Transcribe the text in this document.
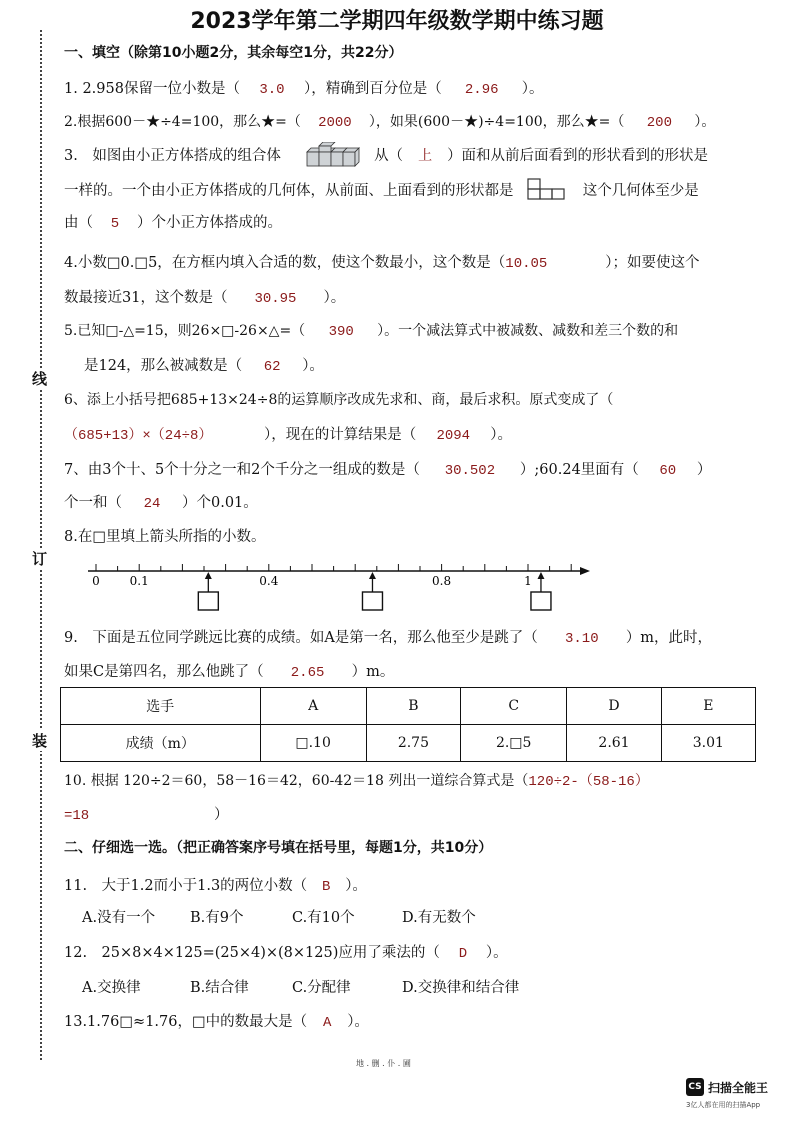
2023学年第二学期四年级数学期中练习题
线
订
装
一、填空（除第10小题2分，其余每空1分，共22分）
1. 2.958保留一位小数是（ 3.0 ），精确到百分位是（ 2.96 ）。
2.根据600－★÷4=100，那么★=（ 2000 ），如果(600－★)÷4=100，那么★=（ 200 ）。
3.　如图由小正方体搭成的组合体	从（ 上 ）面和从前后面看到的形状看到的形状是
一样的。一个由小正方体搭成的几何体，从前面、上面看到的形状都是	这个几何体至少是
由（ 5 ）个小正方体搭成的。
4.小数□0.□5，在方框内填入合适的数，使这个数最小，这个数是（10.05	）；如要使这个
数最接近31，这个数是（ 30.95 ）。
5.已知□-△=15，则26×□-26×△=（ 390 ）。一个减法算式中被减数、减数和差三个数的和
是124，那么被减数是（ 62 ）。
6、添上小括号把685+13×24÷8的运算顺序改成先求和、商，最后求积。原式变成了（
（685+13）×（24÷8）	），现在的计算结果是（ 2094 ）。
7、由3个十、5个十分之一和2个千分之一组成的数是（ 30.502 ）;60.24里面有（ 60 ）
个一和（ 24 ）个0.01。
8.在□里填上箭头所指的小数。
0 0.1	0.4	0.8	1
9.　下面是五位同学跳远比赛的成绩。如A是第一名，那么他至少是跳了（ 3.10 ）m，此时，
如果C是第四名，那么他跳了（ 2.65 ）m。
选手	A	B	C	D	E
成绩（m）	□.10	2.75	2.□5	2.61	3.01
10. 根据 120÷2＝60，58－16＝42，60-42＝18 列出一道综合算式是（120÷2-（58-16）
=18	）
二、仔细选一选。（把正确答案序号填在括号里，每题1分，共10分）
11.　大于1.2而小于1.3的两位小数（ B ）。
A.没有一个 B.有9个	C.有10个	D.有无数个
12.　25×8×4×125=(25×4)×(8×125)应用了乘法的（ D ）。
A.交换律	B.结合律	C.分配律	D.交换律和结合律
13.1.76□≈1.76，□中的数最大是（ A ）。
地 . 删 . 仆 . 圃
CS 扫描全能王
3亿人都在用的扫描App
